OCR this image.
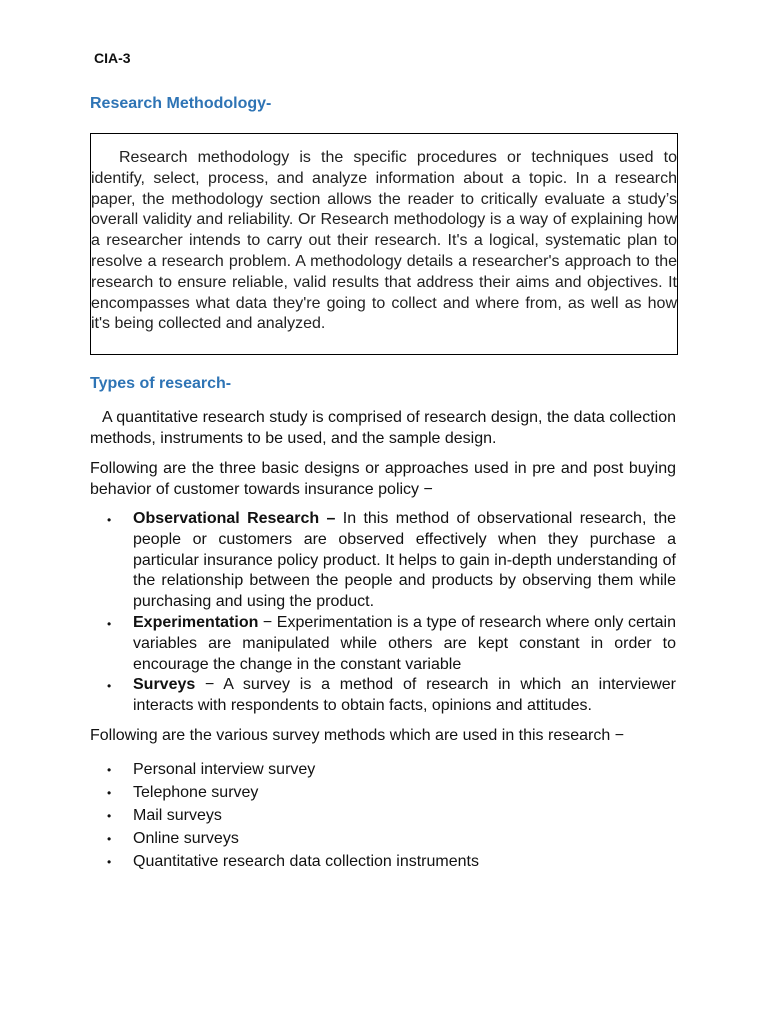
CIA-3

Research Methodology-

Research methodology is the specific procedures or techniques used to identify, select, process, and analyze information about a topic. In a research paper, the methodology section allows the reader to critically evaluate a study’s overall validity and reliability. Or Research methodology is a way of explaining how a researcher intends to carry out their research. It's a logical, systematic plan to resolve a research problem. A methodology details a researcher's approach to the research to ensure reliable, valid results that address their aims and objectives. It encompasses what data they're going to collect and where from, as well as how it's being collected and analyzed.

Types of research-

A quantitative research study is comprised of research design, the data collection methods, instruments to be used, and the sample design.

Following are the three basic designs or approaches used in pre and post buying behavior of customer towards insurance policy −

• Observational Research – In this method of observational research, the people or customers are observed effectively when they purchase a particular insurance policy product. It helps to gain in-depth understanding of the relationship between the people and products by observing them while purchasing and using the product.
• Experimentation − Experimentation is a type of research where only certain variables are manipulated while others are kept constant in order to encourage the change in the constant variable
• Surveys − A survey is a method of research in which an interviewer interacts with respondents to obtain facts, opinions and attitudes.

Following are the various survey methods which are used in this research −

• Personal interview survey
• Telephone survey
• Mail surveys
• Online surveys
• Quantitative research data collection instruments
